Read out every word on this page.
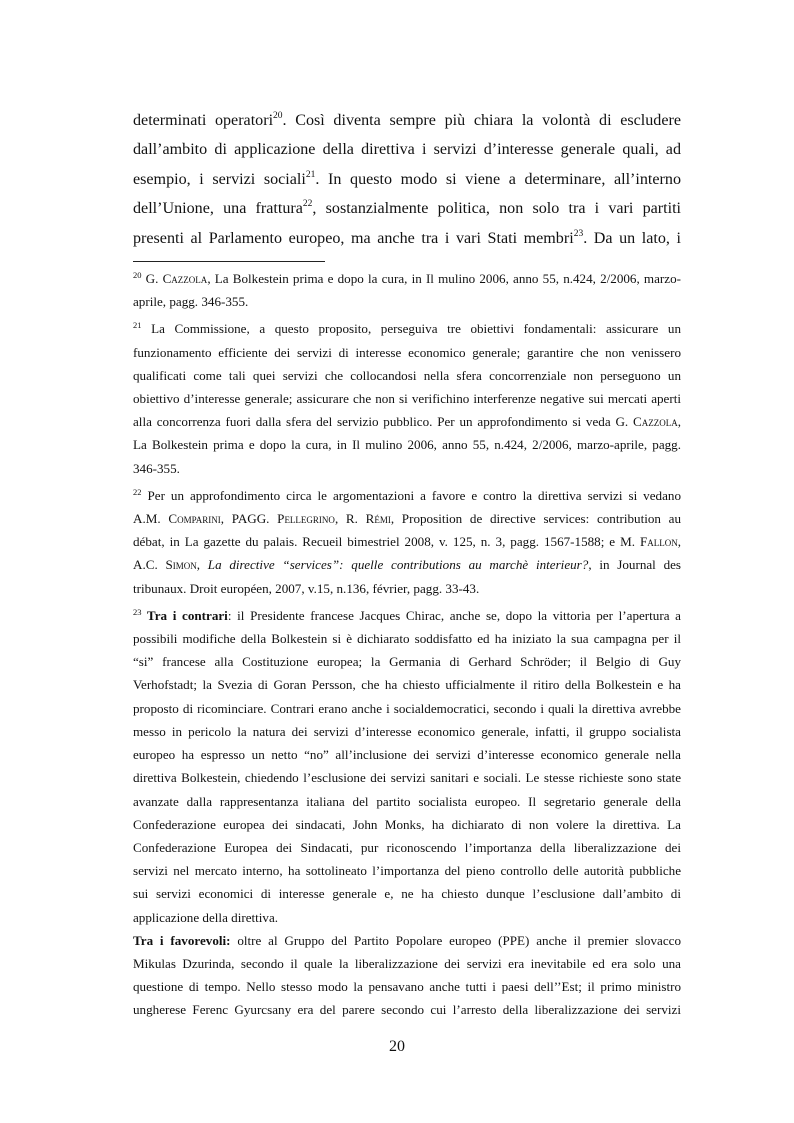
determinati operatori$^{20}$. Così diventa sempre più chiara la volontà di escludere
dall’ambito di applicazione della direttiva i servizi d’interesse generale quali, ad
esempio, i servizi sociali$^{21}$. In questo modo si viene a determinare, all’interno
dell’Unione, una frattura$^{22}$, sostanzialmente politica, non solo tra i vari partiti
presenti al Parlamento europeo, ma anche tra i vari Stati membri$^{23}$. Da un lato, i

$^{20}$ G. Cazzola, La Bolkestein prima e dopo la cura, in Il mulino 2006, anno 55, n.424, 2/2006, marzo-
aprile, pagg. 346-355.
$^{21}$ La Commissione, a questo proposito, perseguiva tre obiettivi fondamentali: assicurare un
funzionamento efficiente dei servizi di interesse economico generale; garantire che non venissero
qualificati come tali quei servizi che collocandosi nella sfera concorrenziale non perseguono un
obiettivo d’interesse generale; assicurare che non si verifichino interferenze negative sui mercati aperti
alla concorrenza fuori dalla sfera del servizio pubblico. Per un approfondimento si veda G. Cazzola,
La Bolkestein prima e dopo la cura, in Il mulino 2006, anno 55, n.424, 2/2006, marzo-aprile, pagg.
346-355.
$^{22}$ Per un approfondimento circa le argomentazioni a favore e contro la direttiva servizi si vedano
A.M. Comparini, PAGG. Pellegrino, R. Rémi, Proposition de directive services: contribution au
débat, in La gazette du palais. Recueil bimestriel 2008, v. 125, n. 3, pagg. 1567-1588; e M. Fallon,
A.C. Simon, La directive “services”: quelle contributions au marchè interieur?, in Journal des
tribunaux. Droit européen, 2007, v.15, n.136, février, pagg. 33-43.
$^{23}$ Tra i contrari: il Presidente francese Jacques Chirac, anche se, dopo la vittoria per l’apertura a
possibili modifiche della Bolkestein si è dichiarato soddisfatto ed ha iniziato la sua campagna per il
“si” francese alla Costituzione europea; la Germania di Gerhard Schröder; il Belgio di Guy
Verhofstadt; la Svezia di Goran Persson, che ha chiesto ufficialmente il ritiro della Bolkestein e ha
proposto di ricominciare. Contrari erano anche i socialdemocratici, secondo i quali la direttiva avrebbe
messo in pericolo la natura dei servizi d’interesse economico generale, infatti, il gruppo socialista
europeo ha espresso un netto “no” all’inclusione dei servizi d’interesse economico generale nella
direttiva Bolkestein, chiedendo l’esclusione dei servizi sanitari e sociali. Le stesse richieste sono state
avanzate dalla rappresentanza italiana del partito socialista europeo. Il segretario generale della
Confederazione europea dei sindacati, John Monks, ha dichiarato di non volere la direttiva. La
Confederazione Europea dei Sindacati, pur riconoscendo l’importanza della liberalizzazione dei
servizi nel mercato interno, ha sottolineato l’importanza del pieno controllo delle autorità pubbliche
sui servizi economici di interesse generale e, ne ha chiesto dunque l’esclusione dall’ambito di
applicazione della direttiva.
Tra i favorevoli: oltre al Gruppo del Partito Popolare europeo (PPE) anche il premier slovacco
Mikulas Dzurinda, secondo il quale la liberalizzazione dei servizi era inevitabile ed era solo una
questione di tempo. Nello stesso modo la pensavano anche tutti i paesi dell’’Est; il primo ministro
ungherese Ferenc Gyurcsany era del parere secondo cui l’arresto della liberalizzazione dei servizi
20
